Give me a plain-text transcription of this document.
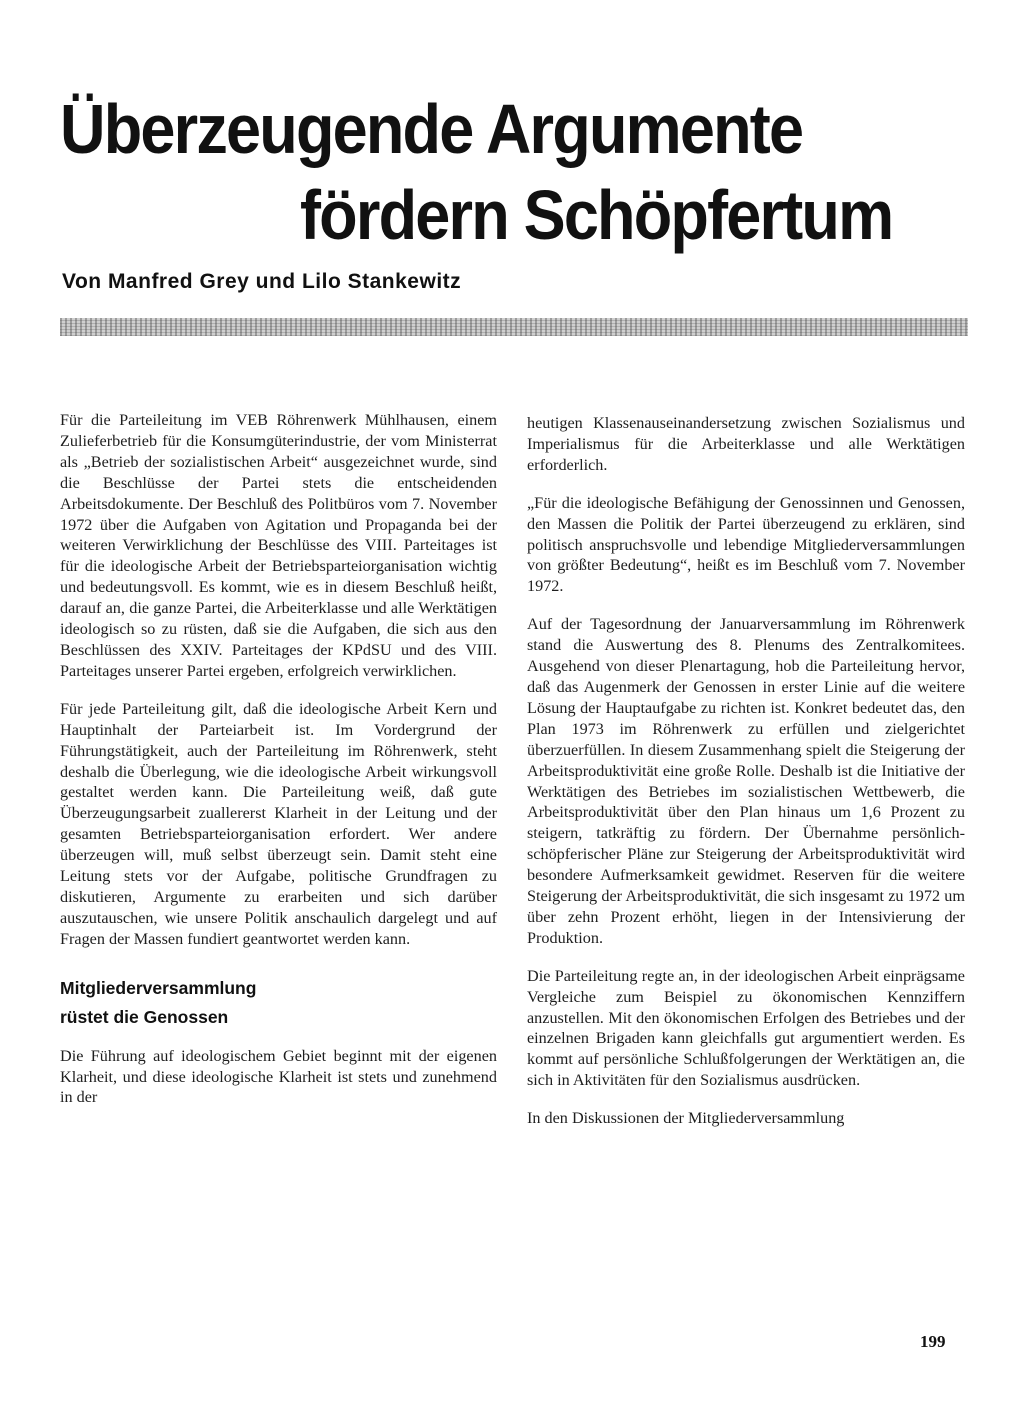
Überzeugende Argumente
fördern Schöpfertum
Von Manfred Grey und Lilo Stankewitz

Für die Parteileitung im VEB Röhrenwerk Mühlhausen, einem Zulieferbetrieb für die Konsumgüterindustrie, der vom Ministerrat als „Betrieb der sozialistischen Arbeit“ ausgezeichnet wurde, sind die Beschlüsse der Partei stets die entscheidenden Arbeitsdokumente. Der Beschluß des Politbüros vom 7. November 1972 über die Aufgaben von Agitation und Propaganda bei der weiteren Verwirklichung der Beschlüsse des VIII. Parteitages ist für die ideologische Arbeit der Betriebsparteiorganisation wichtig und bedeutungsvoll. Es kommt, wie es in diesem Beschluß heißt, darauf an, die ganze Partei, die Arbeiterklasse und alle Werktätigen ideologisch so zu rüsten, daß sie die Aufgaben, die sich aus den Beschlüssen des XXIV. Parteitages der KPdSU und des VIII. Parteitages unserer Partei ergeben, erfolgreich verwirklichen.

Für jede Parteileitung gilt, daß die ideologische Arbeit Kern und Hauptinhalt der Parteiarbeit ist. Im Vordergrund der Führungstätigkeit, auch der Parteileitung im Röhrenwerk, steht deshalb die Überlegung, wie die ideologische Arbeit wirkungsvoll gestaltet werden kann. Die Parteileitung weiß, daß gute Überzeugungsarbeit zuallererst Klarheit in der Leitung und der gesamten Betriebsparteiorganisation erfordert. Wer andere überzeugen will, muß selbst überzeugt sein. Damit steht eine Leitung stets vor der Aufgabe, politische Grundfragen zu diskutieren, Argumente zu erarbeiten und sich darüber auszutauschen, wie unsere Politik anschaulich dargelegt und auf Fragen der Massen fundiert geantwortet werden kann.

Mitgliederversammlung
rüstet die Genossen

Die Führung auf ideologischem Gebiet beginnt mit der eigenen Klarheit, und diese ideologische Klarheit ist stets und zunehmend in der

heutigen Klassenauseinandersetzung zwischen Sozialismus und Imperialismus für die Arbeiterklasse und alle Werktätigen erforderlich.

„Für die ideologische Befähigung der Genossinnen und Genossen, den Massen die Politik der Partei überzeugend zu erklären, sind politisch anspruchsvolle und lebendige Mitgliederversammlungen von größter Bedeutung“, heißt es im Beschluß vom 7. November 1972.

Auf der Tagesordnung der Januarversammlung im Röhrenwerk stand die Auswertung des 8. Plenums des Zentralkomitees. Ausgehend von dieser Plenartagung, hob die Parteileitung hervor, daß das Augenmerk der Genossen in erster Linie auf die weitere Lösung der Hauptaufgabe zu richten ist. Konkret bedeutet das, den Plan 1973 im Röhrenwerk zu erfüllen und zielgerichtet überzuerfüllen. In diesem Zusammenhang spielt die Steigerung der Arbeitsproduktivität eine große Rolle. Deshalb ist die Initiative der Werktätigen des Betriebes im sozialistischen Wettbewerb, die Arbeitsproduktivität über den Plan hinaus um 1,6 Prozent zu steigern, tatkräftig zu fördern. Der Übernahme persönlich-schöpferischer Pläne zur Steigerung der Arbeitsproduktivität wird besondere Aufmerksamkeit gewidmet. Reserven für die weitere Steigerung der Arbeitsproduktivität, die sich insgesamt zu 1972 um über zehn Prozent erhöht, liegen in der Intensivierung der Produktion.

Die Parteileitung regte an, in der ideologischen Arbeit einprägsame Vergleiche zum Beispiel zu ökonomischen Kennziffern anzustellen. Mit den ökonomischen Erfolgen des Betriebes und der einzelnen Brigaden kann gleichfalls gut argumentiert werden. Es kommt auf persönliche Schlußfolgerungen der Werktätigen an, die sich in Aktivitäten für den Sozialismus ausdrücken.

In den Diskussionen der Mitgliederversammlung

199
